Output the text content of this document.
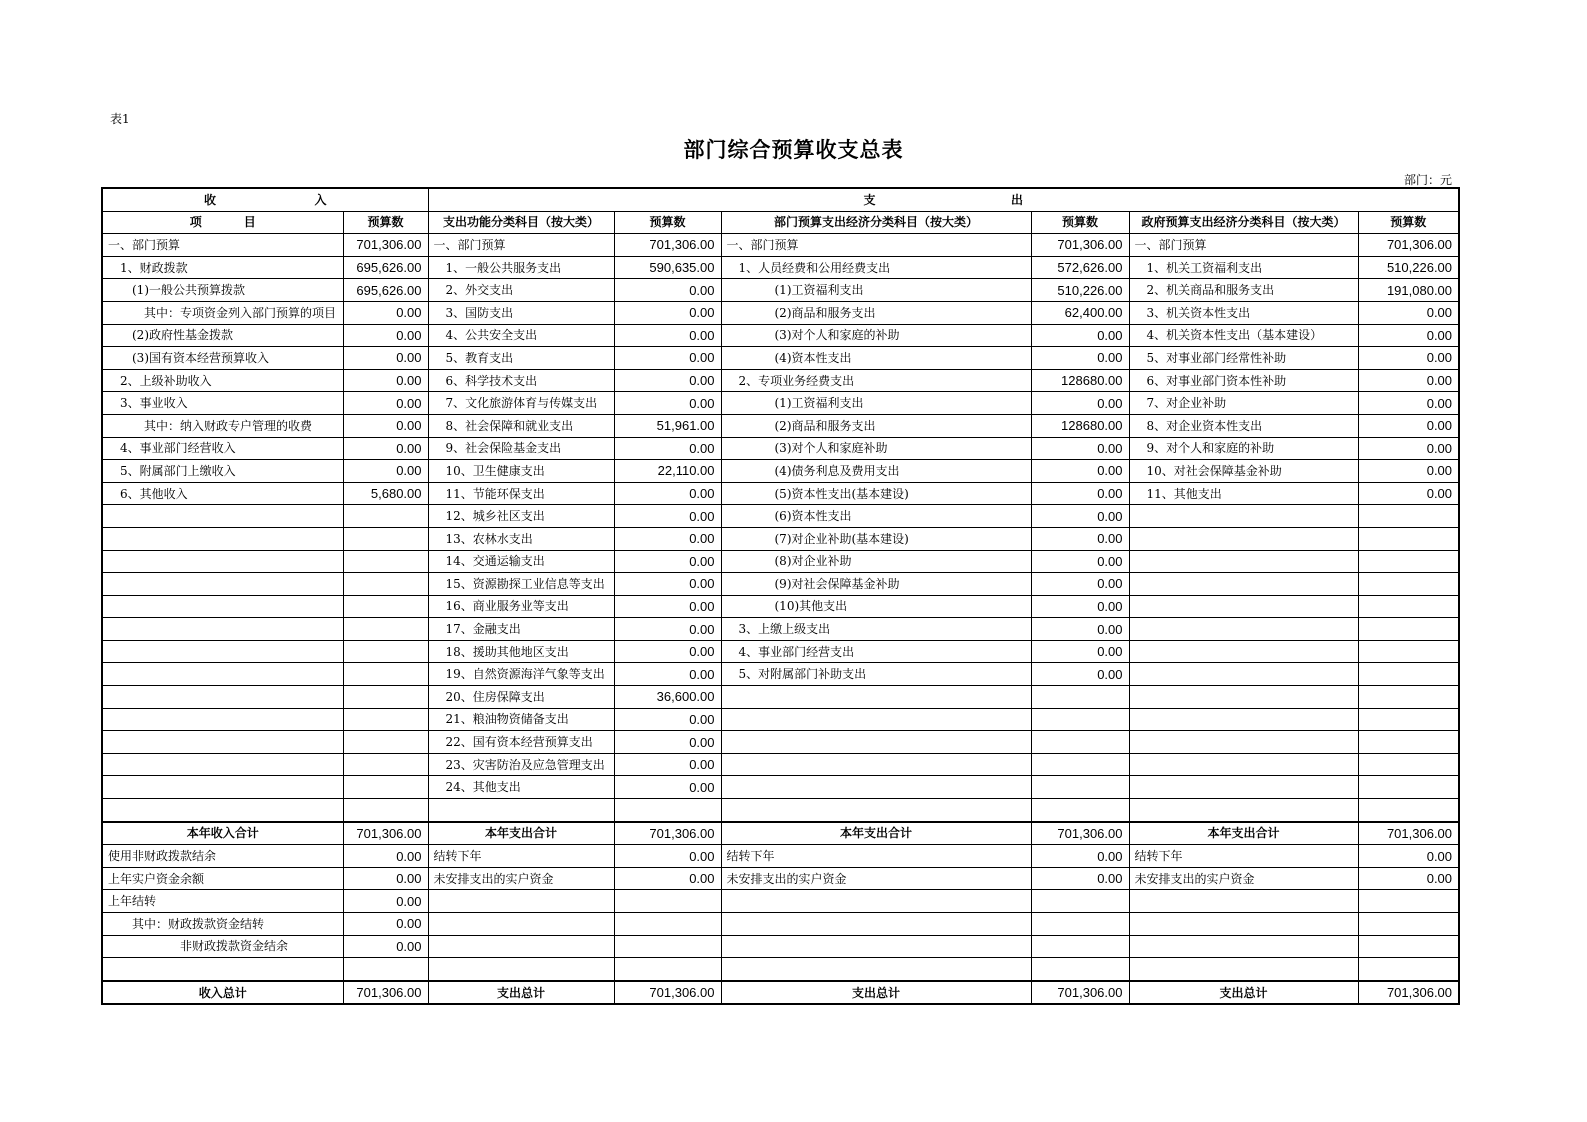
表1
部门综合预算收支总表
部门：元
收 入		支 出					

项 目	预算数	支出功能分类科目（按大类）	预算数	部门预算支出经济分类科目（按大类）	预算数	政府预算支出经济分类科目（按大类）	预算数
一、部门预算	701,306.00	一、部门预算	701,306.00	一、部门预算	701,306.00	一、部门预算	701,306.00
　1、财政拨款	695,626.00	　1、一般公共服务支出	590,635.00	　1、人员经费和公用经费支出	572,626.00	　1、机关工资福利支出	510,226.00
　　(1)一般公共预算拨款	695,626.00	　2、外交支出	0.00	　　　　(1)工资福利支出	510,226.00	　2、机关商品和服务支出	191,080.00
　　　其中：专项资金列入部门预算的项目	0.00	　3、国防支出	0.00	　　　　(2)商品和服务支出	62,400.00	　3、机关资本性支出	0.00
　　(2)政府性基金拨款	0.00	　4、公共安全支出	0.00	　　　　(3)对个人和家庭的补助	0.00	　4、机关资本性支出（基本建设）	0.00
　　(3)国有资本经营预算收入	0.00	　5、教育支出	0.00	　　　　(4)资本性支出	0.00	　5、对事业部门经常性补助	0.00
　2、上级补助收入	0.00	　6、科学技术支出	0.00	　2、专项业务经费支出	128680.00	　6、对事业部门资本性补助	0.00
　3、事业收入	0.00	　7、文化旅游体育与传媒支出	0.00	　　　　(1)工资福利支出	0.00	　7、对企业补助	0.00
　　　其中：纳入财政专户管理的收费	0.00	　8、社会保障和就业支出	51,961.00	　　　　(2)商品和服务支出	128680.00	　8、对企业资本性支出	0.00
　4、事业部门经营收入	0.00	　9、社会保险基金支出	0.00	　　　　(3)对个人和家庭补助	0.00	　9、对个人和家庭的补助	0.00
　5、附属部门上缴收入	0.00	　10、卫生健康支出	22,110.00	　　　　(4)债务利息及费用支出	0.00	　10、对社会保障基金补助	0.00
　6、其他收入	5,680.00	　11、节能环保支出	0.00	　　　　(5)资本性支出(基本建设)	0.00	　11、其他支出	0.00
		　12、城乡社区支出	0.00	　　　　(6)资本性支出	0.00		
		　13、农林水支出	0.00	　　　　(7)对企业补助(基本建设)	0.00		
		　14、交通运输支出	0.00	　　　　(8)对企业补助	0.00		
		　15、资源勘探工业信息等支出	0.00	　　　　(9)对社会保障基金补助	0.00		
		　16、商业服务业等支出	0.00	　　　　(10)其他支出	0.00		
		　17、金融支出	0.00	　3、上缴上级支出	0.00		
		　18、援助其他地区支出	0.00	　4、事业部门经营支出	0.00		
		　19、自然资源海洋气象等支出	0.00	　5、对附属部门补助支出	0.00		
		　20、住房保障支出	36,600.00				
		　21、粮油物资储备支出	0.00				
		　22、国有资本经营预算支出	0.00				
		　23、灾害防治及应急管理支出	0.00				
		　24、其他支出	0.00				

本年收入合计	701,306.00	本年支出合计	701,306.00	本年支出合计	701,306.00	本年支出合计	701,306.00
使用非财政拨款结余	0.00	结转下年	0.00	结转下年	0.00	结转下年	0.00
上年实户资金余额	0.00	未安排支出的实户资金	0.00	未安排支出的实户资金	0.00	未安排支出的实户资金	0.00
上年结转	0.00						
　　其中：财政拨款资金结转	0.00						
　　　　　　非财政拨款资金结余	0.00						

收入总计	701,306.00	支出总计	701,306.00	支出总计	701,306.00	支出总计	701,306.00
